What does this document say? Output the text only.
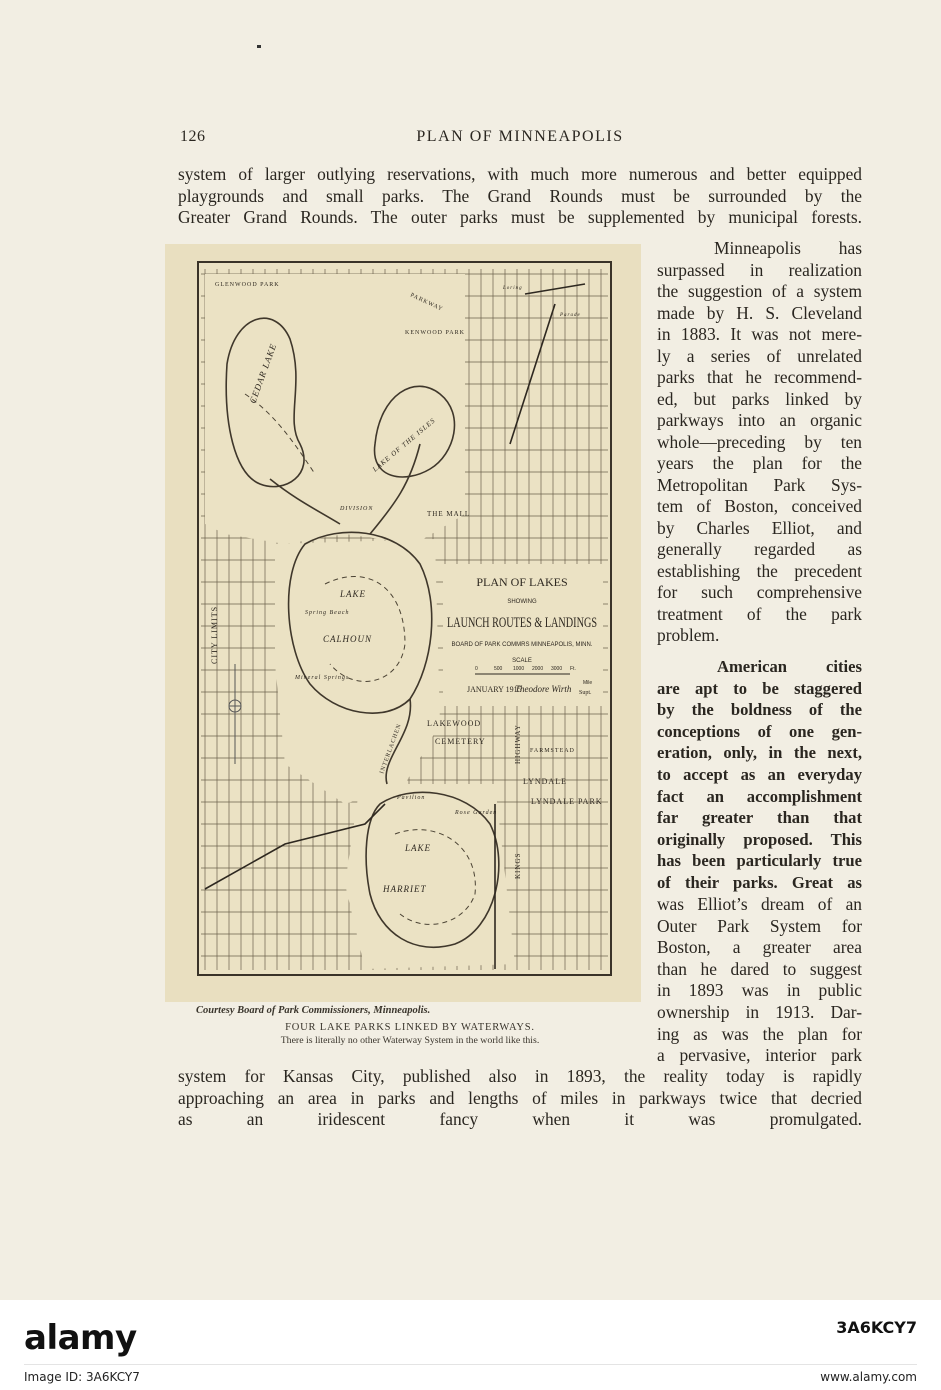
126	PLAN OF MINNEAPOLIS
system of larger outlying reservations, with much more numerous and better equipped
playgrounds and small parks. The Grand Rounds must be surrounded by the
Greater Grand Rounds. The outer parks must be supplemented by municipal forests.
Minneapolis has
surpassed in realization
the suggestion of a system
made by H. S. Cleveland
in 1883. It was not mere-
ly a series of unrelated
parks that he recommend-
ed, but parks linked by
parkways into an organic
whole—preceding by ten
years the plan for the
Metropolitan Park Sys-
tem of Boston, conceived
by Charles Elliot, and
generally regarded as
establishing the precedent
for such comprehensive
treatment of the park
problem.
American cities
are apt to be staggered
by the boldness of the
conceptions of one gen-
eration, only, in the next,
to accept as an everyday
fact an accomplishment
far greater than that
originally proposed. This
has been particularly true
of their parks. Great as
was Elliot’s dream of an
Outer Park System for
Boston, a greater area
than he dared to suggest
in 1893 was in public
ownership in 1913. Dar-
ing as was the plan for
a pervasive, interior park
system for Kansas City, published also in 1893, the reality today is rapidly
approaching an area in parks and lengths of miles in parkways twice that decried
as an iridescent fancy when it was promulgated.
PLAN OF LAKES
SHOWING
LAUNCH ROUTES & LANDINGS
BOARD OF PARK COMMRS MINNEAPOLIS, MINN.
SCALE
0	500 1000 2000 3000 Ft.
Mile
JANUARY 1915
Theodore Wirth Supt.
GLENWOOD PARK
CEDAR LAKE
LAKE OF THE ISLES
KENWOOD PARK
PARKWAY
THE MALL
DIVISION
Loring
Parade
LAKE
CALHOUN
Spring Beach
Mineral Springs
CITY LIMITS
LAKEWOOD
CEMETERY
LYNDALE
LYNDALE PARK
FARMSTEAD
INTERLACHEN
Pavilion
Rose Garden
LAKE
HARRIET
KINGS
HIGHWAY
Courtesy Board of Park Commissioners, Minneapolis.
FOUR LAKE PARKS LINKED BY WATERWAYS.
There is literally no other Waterway System in the world like this.
alamy	3A6KCY7
Image ID: 3A6KCY7	www.alamy.com
